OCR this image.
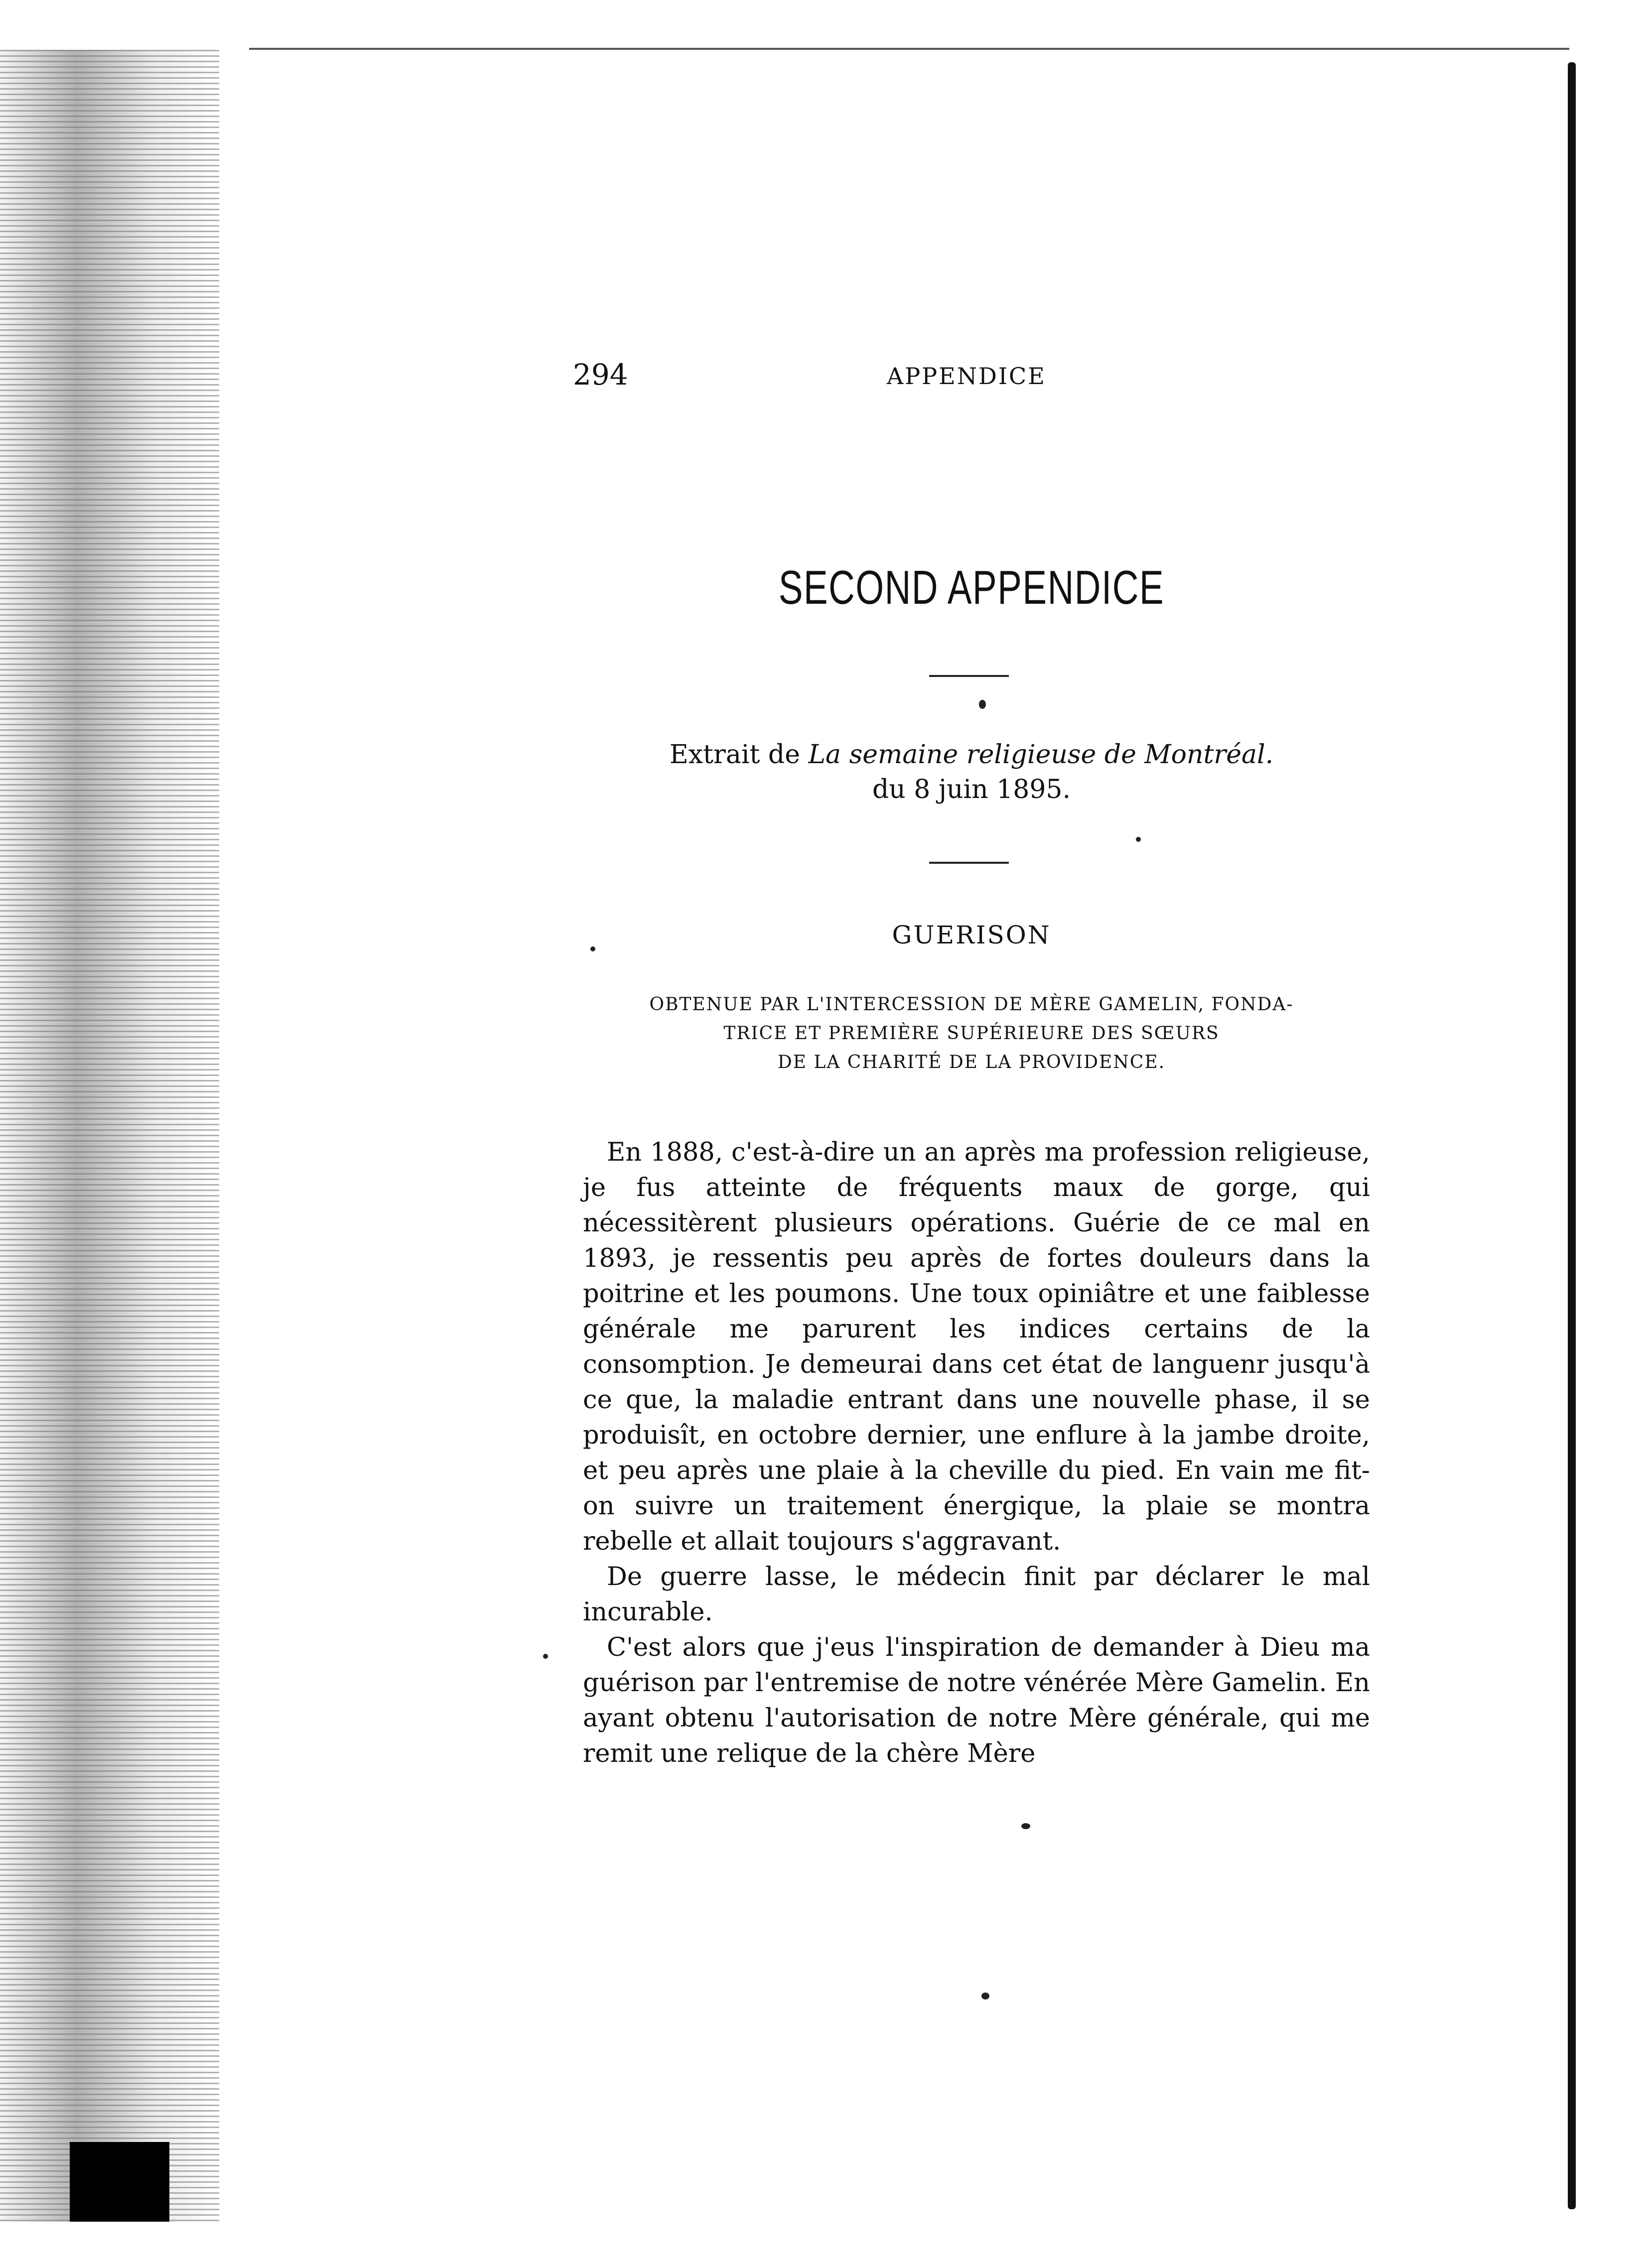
294	APPENDICE
SECOND APPENDICE
Extrait de La semaine religieuse de Montréal.
du 8 juin 1895.
GUERISON
OBTENUE PAR L'INTERCESSION DE MÈRE GAMELIN, FONDA-
TRICE ET PREMIÈRE SUPÉRIEURE DES SŒURS
DE LA CHARITÉ DE LA PROVIDENCE.

En 1888, c'est-à-dire un an après ma profession religieuse, je fus atteinte de fréquents maux de gorge, qui nécessitèrent plusieurs opérations. Guérie de ce mal en 1893, je ressentis peu après de fortes douleurs dans la poitrine et les poumons. Une toux opiniâtre et une faiblesse générale me parurent les indices certains de la consomption. Je demeurai dans cet état de languenr jusqu'à ce que, la maladie entrant dans une nouvelle phase, il se produisît, en octobre dernier, une enflure à la jambe droite, et peu après une plaie à la cheville du pied. En vain me fit-on suivre un traitement énergique, la plaie se montra rebelle et allait toujours s'aggravant.

De guerre lasse, le médecin finit par déclarer le mal incurable.

C'est alors que j'eus l'inspiration de demander à Dieu ma guérison par l'entremise de notre vénérée Mère Gamelin. En ayant obtenu l'autorisation de notre Mère générale, qui me remit une relique de la chère Mère
